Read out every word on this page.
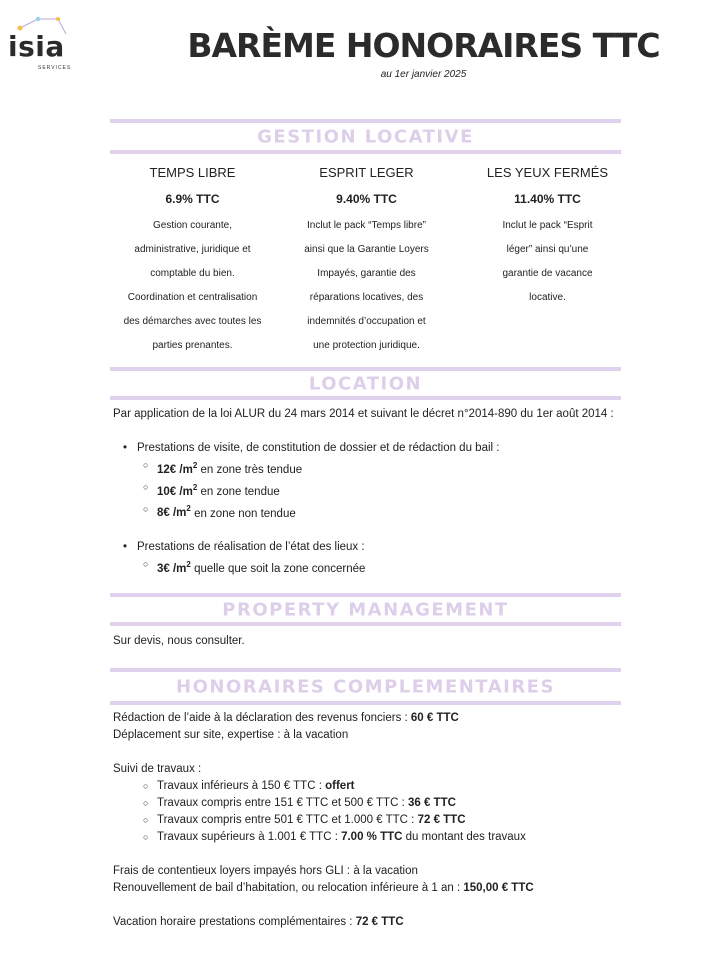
isia
SERVICES
BARÈME HONORAIRES TTC
au 1er janvier 2025
GESTION LOCATIVE
TEMPS LIBRE
6.9% TTC
Gestion courante,
administrative, juridique et
comptable du bien.
Coordination et centralisation
des démarches avec toutes les
parties prenantes.
ESPRIT LEGER
9.40% TTC
Inclut le pack “Temps libre”
ainsi que la Garantie Loyers
Impayés, garantie des
réparations locatives, des
indemnités d’occupation et
une protection juridique.
LES YEUX FERMÉS
11.40% TTC
Inclut le pack “Esprit
léger” ainsi qu’une
garantie de vacance
locative.
LOCATION
Par application de la loi ALUR du 24 mars 2014 et suivant le décret n°2014-890 du 1er août 2014 :
• Prestations de visite, de constitution de dossier et de rédaction du bail :
○ 12€ $/m^2$ en zone très tendue
○ 10€ $/m^2$ en zone tendue
○ 8€ $/m^2$ en zone non tendue
• Prestations de réalisation de l’état des lieux :
○ 3€ $/m^2$ quelle que soit la zone concernée
PROPERTY MANAGEMENT
Sur devis, nous consulter.
HONORAIRES COMPLEMENTAIRES
Rédaction de l’aide à la déclaration des revenus fonciers : 60 € TTC
Déplacement sur site, expertise : à la vacation
Suivi de travaux :
○ Travaux inférieurs à 150 € TTC : offert
○ Travaux compris entre 151 € TTC et 500 € TTC : 36 € TTC
○ Travaux compris entre 501 € TTC et 1.000 € TTC : 72 € TTC
○ Travaux supérieurs à 1.001 € TTC : 7.00 % TTC du montant des travaux
Frais de contentieux loyers impayés hors GLI : à la vacation
Renouvellement de bail d’habitation, ou relocation inférieure à 1 an : 150,00 € TTC
Vacation horaire prestations complémentaires : 72 € TTC
